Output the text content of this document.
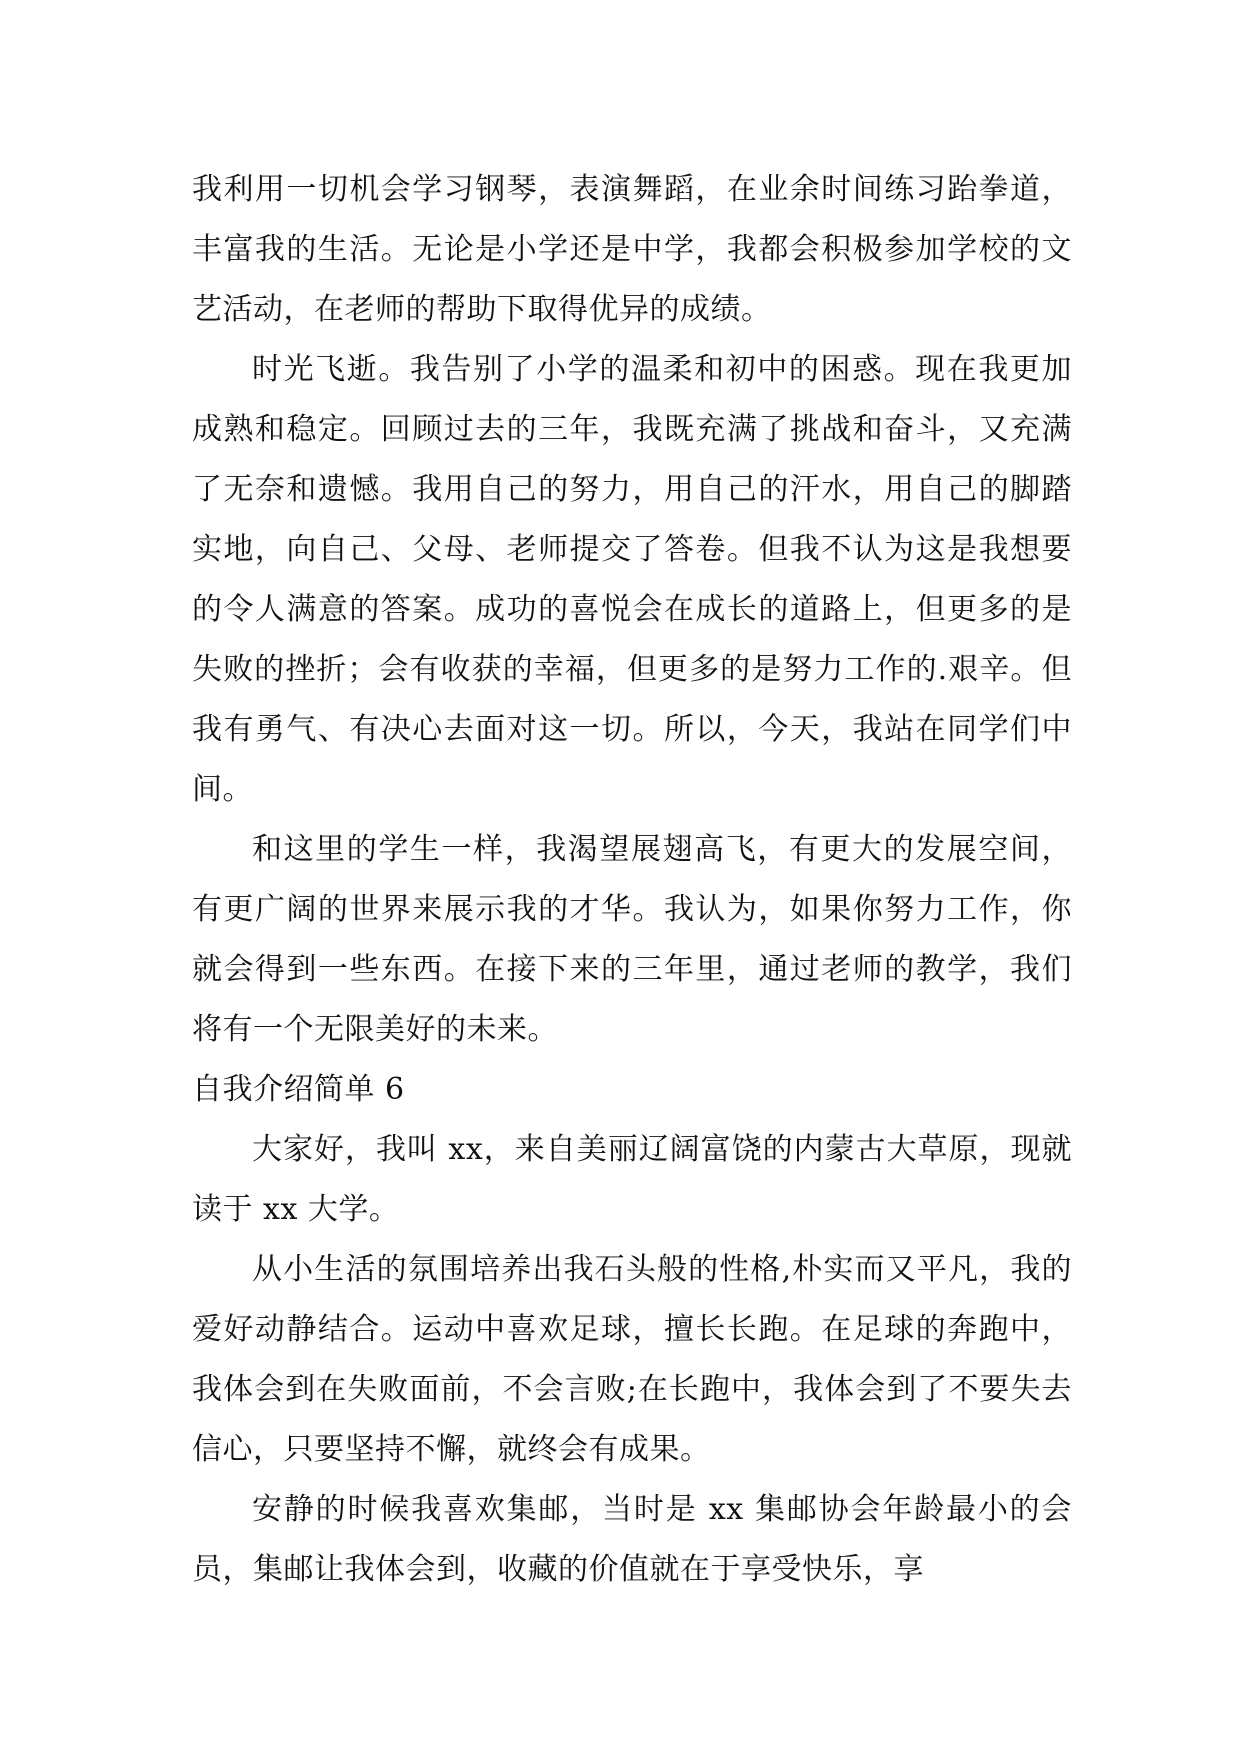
我利用一切机会学习钢琴，表演舞蹈，在业余时间练习跆拳道，丰富我的生活。无论是小学还是中学，我都会积极参加学校的文艺活动，在老师的帮助下取得优异的成绩。

时光飞逝。我告别了小学的温柔和初中的困惑。现在我更加成熟和稳定。回顾过去的三年，我既充满了挑战和奋斗，又充满了无奈和遗憾。我用自己的努力，用自己的汗水，用自己的脚踏实地，向自己、父母、老师提交了答卷。但我不认为这是我想要的令人满意的答案。成功的喜悦会在成长的道路上，但更多的是失败的挫折；会有收获的幸福，但更多的是努力工作的.艰辛。但我有勇气、有决心去面对这一切。所以，今天，我站在同学们中间。

和这里的学生一样，我渴望展翅高飞，有更大的发展空间，有更广阔的世界来展示我的才华。我认为，如果你努力工作，你就会得到一些东西。在接下来的三年里，通过老师的教学，我们将有一个无限美好的未来。

自我介绍简单 6

大家好，我叫 xx，来自美丽辽阔富饶的内蒙古大草原，现就读于 xx 大学。

从小生活的氛围培养出我石头般的性格,朴实而又平凡，我的爱好动静结合。运动中喜欢足球，擅长长跑。在足球的奔跑中，我体会到在失败面前，不会言败;在长跑中，我体会到了不要失去信心，只要坚持不懈，就终会有成果。

安静的时候我喜欢集邮，当时是 xx 集邮协会年龄最小的会员，集邮让我体会到，收藏的价值就在于享受快乐，享
